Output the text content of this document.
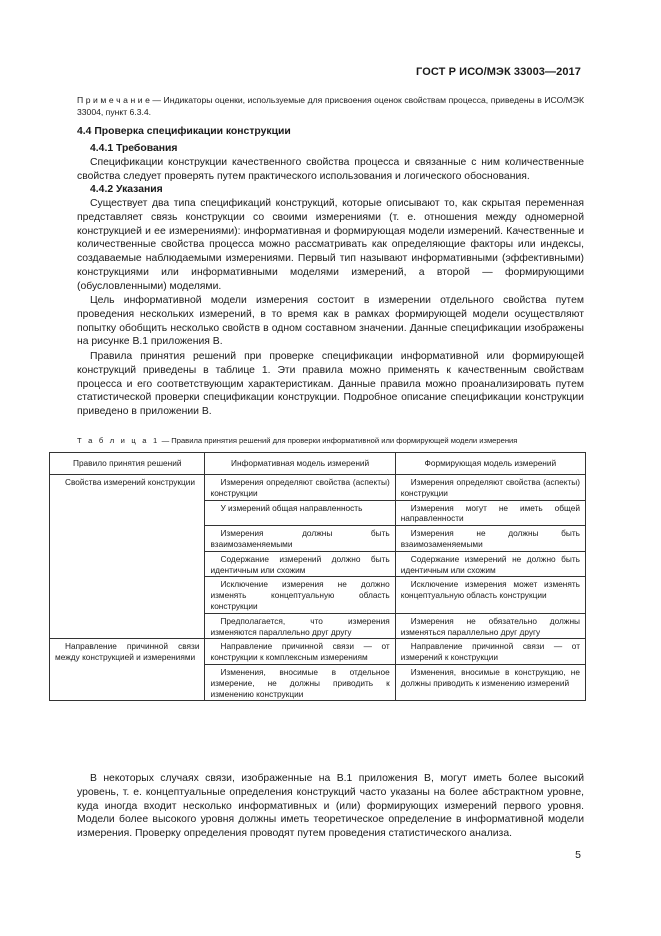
ГОСТ Р ИСО/МЭК 33003—2017
П р и м е ч а н и е — Индикаторы оценки, используемые для присвоения оценок свойствам процесса, приведены в ИСО/МЭК 33004, пункт 6.3.4.
4.4 Проверка спецификации конструкции
4.4.1 Требования
Спецификации конструкции качественного свойства процесса и связанные с ним количественные свойства следует проверять путем практического использования и логического обоснования.
4.4.2 Указания
Существует два типа спецификаций конструкций, которые описывают то, как скрытая переменная представляет связь конструкции со своими измерениями (т. е. отношения между одномерной конструкцией и ее измерениями): информативная и формирующая модели измерений. Качественные и количественные свойства процесса можно рассматривать как определяющие факторы или индексы, создаваемые наблюдаемыми измерениями. Первый тип называют информативными (эффективными) конструкциями или информативными моделями измерений, а второй — формирующими (обусловленными) моделями.
Цель информативной модели измерения состоит в измерении отдельного свойства путем проведения нескольких измерений, в то время как в рамках формирующей модели осуществляют попытку обобщить несколько свойств в одном составном значении. Данные спецификации изображены на рисунке B.1 приложения B.
Правила принятия решений при проверке спецификации информативной или формирующей конструкций приведены в таблице 1. Эти правила можно применять к качественным свойствам процесса и его соответствующим характеристикам. Данные правила можно проанализировать путем статистической проверки спецификации конструкции. Подробное описание спецификации конструкции приведено в приложении B.
Т а б л и ц а 1 — Правила принятия решений для проверки информативной или формирующей модели измерения
Правило принятия решений	Информативная модель измерений	Формирующая модель измерений

Свойства измерений конструкции	Измерения определяют свойства (аспекты) конструкции	Измерения определяют свойства (аспекты) конструкции

	У измерений общая направленность	Измерения могут не иметь общей направленности

	Измерения должны быть взаимозаменяемыми	Измерения не должны быть взаимозаменяемыми

	Содержание измерений должно быть идентичным или схожим	Содержание измерений не должно быть идентичным или схожим

	Исключение измерения не должно изменять концептуальную область конструкции	Исключение измерения может изменять концептуальную область конструкции

	Предполагается, что измерения изменяются параллельно друг другу	Измерения не обязательно должны изменяться параллельно друг другу

Направление причинной связи между конструкцией и измерениями	Направление причинной связи — от конструкции к комплексным измерениям	Направление причинной связи — от измерений к конструкции

	Изменения, вносимые в отдельное измерение, не должны приводить к изменению конструкции	Изменения, вносимые в конструкцию, не должны приводить к изменению измерений
В некоторых случаях связи, изображенные на B.1 приложения B, могут иметь более высокий уровень, т. е. концептуальные определения конструкций часто указаны на более абстрактном уровне, куда иногда входит несколько информативных и (или) формирующих измерений первого уровня. Модели более высокого уровня должны иметь теоретическое определение в информативной модели измерения. Проверку определения проводят путем проведения статистического анализа.
5
